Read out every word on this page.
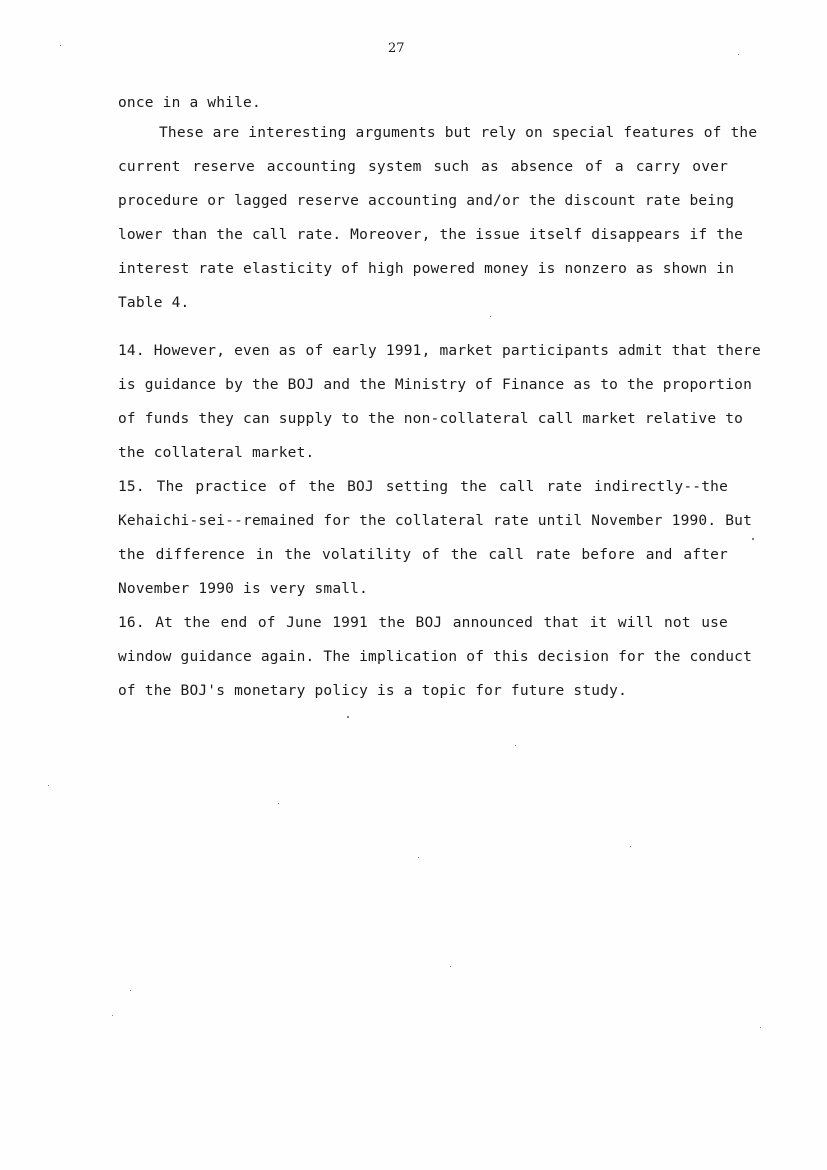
27
once in a while.
These are interesting arguments but rely on special features of the
current reserve accounting system such as absence of a carry over
procedure or lagged reserve accounting and/or the discount rate being
lower than the call rate. Moreover, the issue itself disappears if the
interest rate elasticity of high powered money is nonzero as shown in
Table 4.
14. However, even as of early 1991, market participants admit that there
is guidance by the BOJ and the Ministry of Finance as to the proportion
of funds they can supply to the non-collateral call market relative to
the collateral market.
15. The practice of the BOJ setting the call rate indirectly--the
Kehaichi-sei--remained for the collateral rate until November 1990. But
the difference in the volatility of the call rate before and after
November 1990 is very small.
16. At the end of June 1991 the BOJ announced that it will not use
window guidance again. The implication of this decision for the conduct
of the BOJ's monetary policy is a topic for future study.
